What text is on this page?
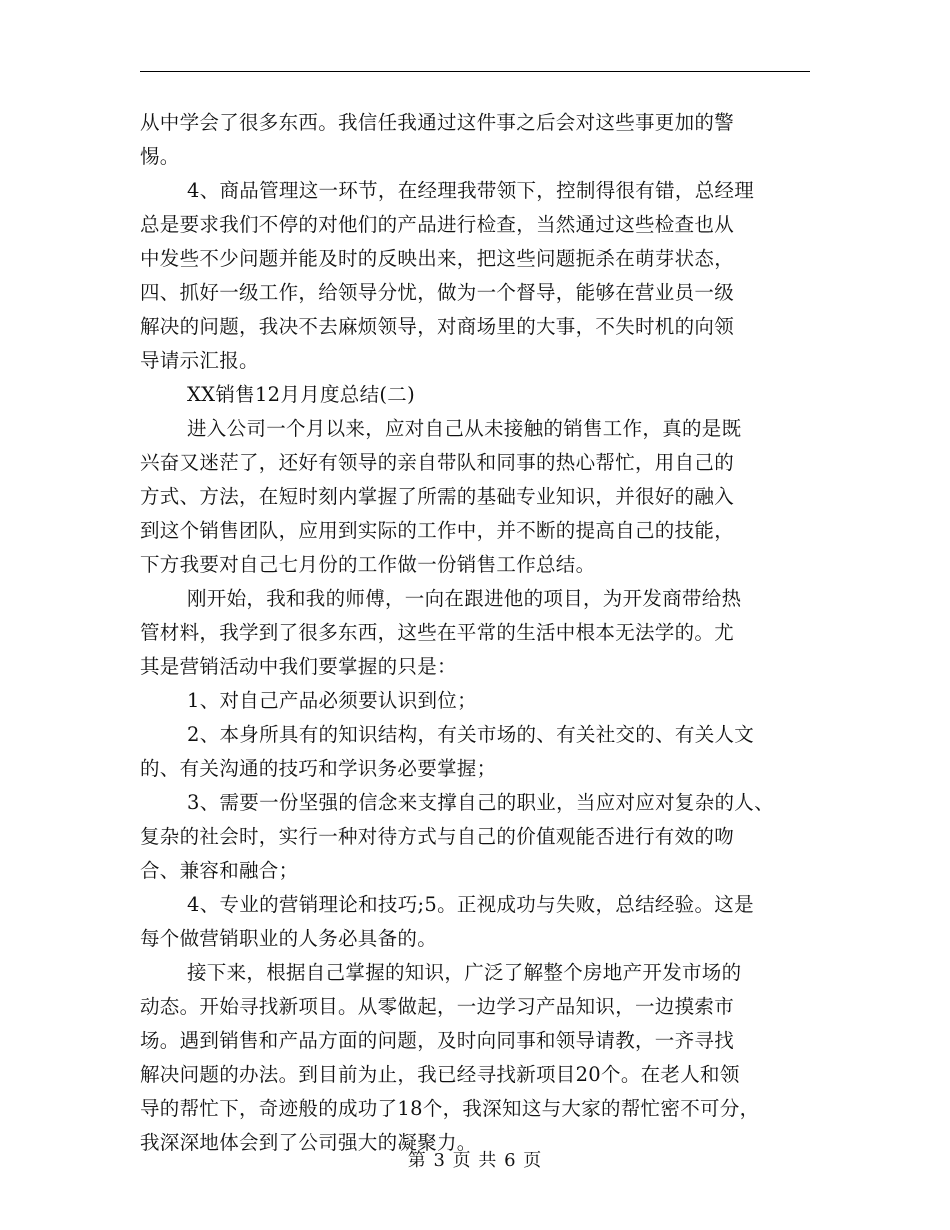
从中学会了很多东西。我信任我通过这件事之后会对这些事更加的警
惕。
4、商品管理这一环节，在经理我带领下，控制得很有错，总经理
总是要求我们不停的对他们的产品进行检查，当然通过这些检查也从
中发些不少问题并能及时的反映出来，把这些问题扼杀在萌芽状态，
四、抓好一级工作，给领导分忧，做为一个督导，能够在营业员一级
解决的问题，我决不去麻烦领导，对商场里的大事，不失时机的向领
导请示汇报。
XX销售12月月度总结(二)
进入公司一个月以来，应对自己从未接触的销售工作，真的是既
兴奋又迷茫了，还好有领导的亲自带队和同事的热心帮忙，用自己的
方式、方法，在短时刻内掌握了所需的基础专业知识，并很好的融入
到这个销售团队，应用到实际的工作中，并不断的提高自己的技能，
下方我要对自己七月份的工作做一份销售工作总结。
刚开始，我和我的师傅，一向在跟进他的项目，为开发商带给热
管材料，我学到了很多东西，这些在平常的生活中根本无法学的。尤
其是营销活动中我们要掌握的只是：
1、对自己产品必须要认识到位；
2、本身所具有的知识结构，有关市场的、有关社交的、有关人文
的、有关沟通的技巧和学识务必要掌握；
3、需要一份坚强的信念来支撑自己的职业，当应对应对复杂的人、
复杂的社会时，实行一种对待方式与自己的价值观能否进行有效的吻
合、兼容和融合；
4、专业的营销理论和技巧;5。正视成功与失败，总结经验。这是
每个做营销职业的人务必具备的。
接下来，根据自己掌握的知识，广泛了解整个房地产开发市场的
动态。开始寻找新项目。从零做起，一边学习产品知识，一边摸索市
场。遇到销售和产品方面的问题，及时向同事和领导请教，一齐寻找
解决问题的办法。到目前为止，我已经寻找新项目20个。在老人和领
导的帮忙下，奇迹般的成功了18个，我深知这与大家的帮忙密不可分，
我深深地体会到了公司强大的凝聚力。
第 3 页 共 6 页
